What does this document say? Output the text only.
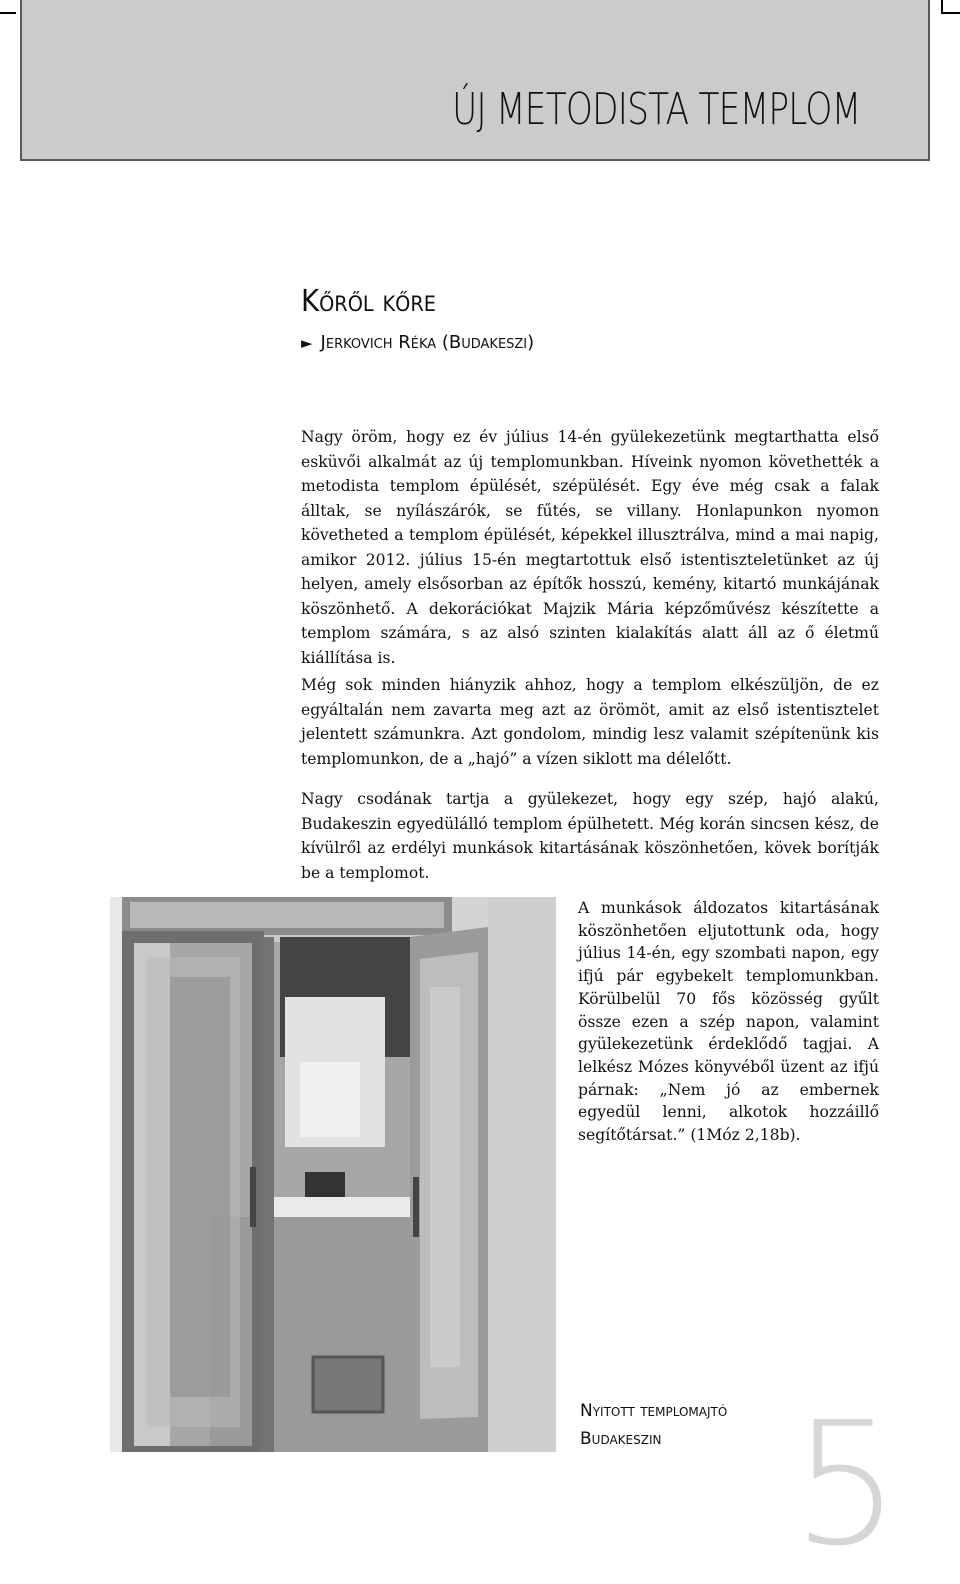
ÚJ METODISTA TEMPLOM
Kőről kőre
► Jerkovich Réka (Budakeszi)

Nagy öröm, hogy ez év július 14-én gyülekezetünk megtarthatta első esküvői alkalmát az új templomunkban. Híveink nyomon követhették a metodista templom épülését, szépülését. Egy éve még csak a falak álltak, se nyílászárók, se fűtés, se villany. Honlapunkon nyomon követheted a templom épülését, képekkel illusztrálva, mind a mai napig, amikor 2012. július 15-én megtartottuk első istentiszteletünket az új helyen, amely elsősorban az építők hosszú, kemény, kitartó munkájának köszönhető. A dekorációkat Majzik Mária képzőművész készítette a templom számára, s az alsó szinten kialakítás alatt áll az ő életmű kiállítása is.

Még sok minden hiányzik ahhoz, hogy a templom elkészüljön, de ez egyáltalán nem zavarta meg azt az örömöt, amit az első istentisztelet jelentett számunkra. Azt gondolom, mindig lesz valamit szépítenünk kis templomunkon, de a „hajó” a vízen siklott ma délelőtt.

Nagy csodának tartja a gyülekezet, hogy egy szép, hajó alakú, Budakeszin egyedülálló templom épülhetett. Még korán sincsen kész, de kívülről az erdélyi munkások kitartásának köszönhetően, kövek borítják be a templomot.

A munkások áldozatos kitartásának köszönhetően eljutottunk oda, hogy július 14-én, egy szombati napon, egy ifjú pár egybekelt templomunkban. Körülbelül 70 fős közösség gyűlt össze ezen a szép napon, valamint gyülekezetünk érdeklődő tagjai. A lelkész Mózes könyvéből üzent az ifjú párnak: „Nem jó az embernek egyedül lenni, alkotok hozzáillő segítőtársat.” (1Móz 2,18b).

Nyitott templomajtó
Budakeszin 5
